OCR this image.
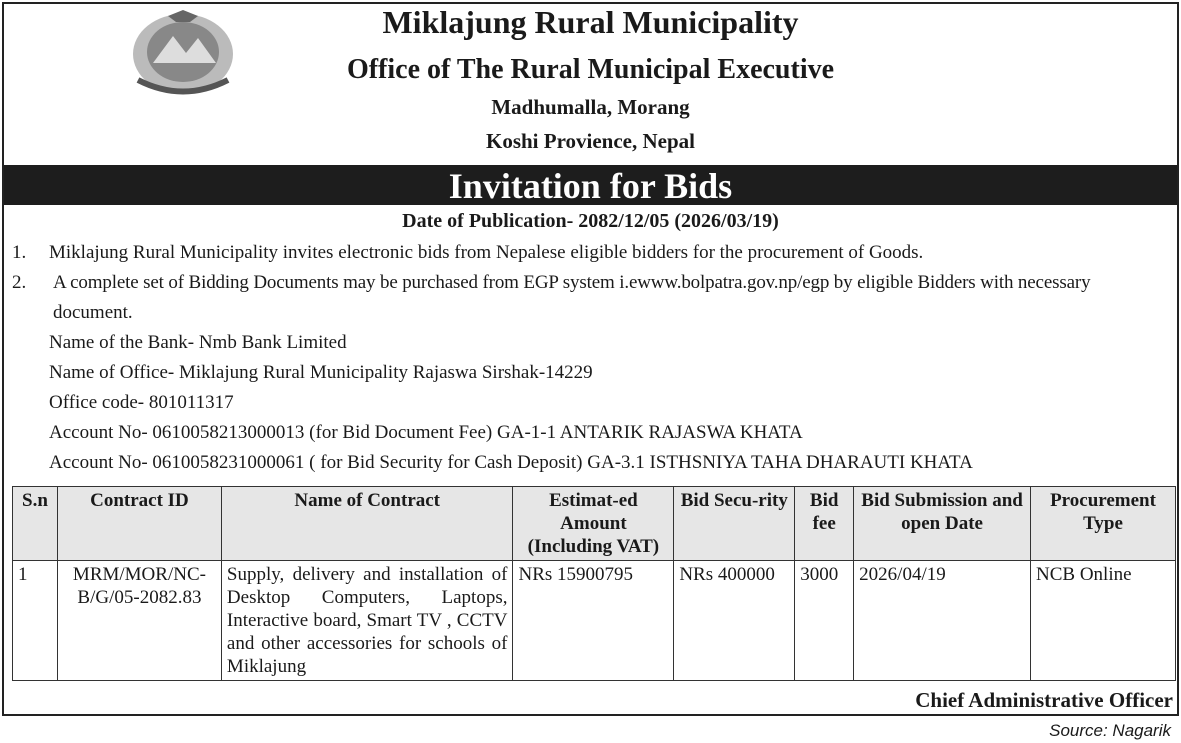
Miklajung Rural Municipality
Office of The Rural Municipal Executive
Madhumalla, Morang
Koshi Provience, Nepal
Invitation for Bids
Date of Publication- 2082/12/05 (2026/03/19)
1. Miklajung Rural Municipality invites electronic bids from Nepalese eligible bidders for the procurement of Goods.
2. A complete set of Bidding Documents may be purchased from EGP system i.ewww.bolpatra.gov.np/egp by eligible Bidders with necessary
document.
Name of the Bank- Nmb Bank Limited
Name of Office- Miklajung Rural Municipality Rajaswa Sirshak-14229
Office code- 801011317
Account No- 0610058213000013 (for Bid Document Fee) GA-1-1 ANTARIK RAJASWA KHATA
Account No- 0610058231000061 ( for Bid Security for Cash Deposit) GA-3.1 ISTHSNIYA TAHA DHARAUTI KHATA
S.n	Contract ID	Name of Contract	Estimat-ed Amount (Including VAT)	Bid Secu-rity	Bid fee	Bid Submission and open Date	Procurement Type
1	MRM/MOR/NC-B/G/05-2082.83	Supply, delivery and installation of Desktop Computers, Laptops, Interactive board, Smart TV , CCTV and other accessories for schools of Miklajung	NRs 15900795	NRs 400000	3000	2026/04/19	NCB Online
Chief Administrative Officer
Source: Nagarik
